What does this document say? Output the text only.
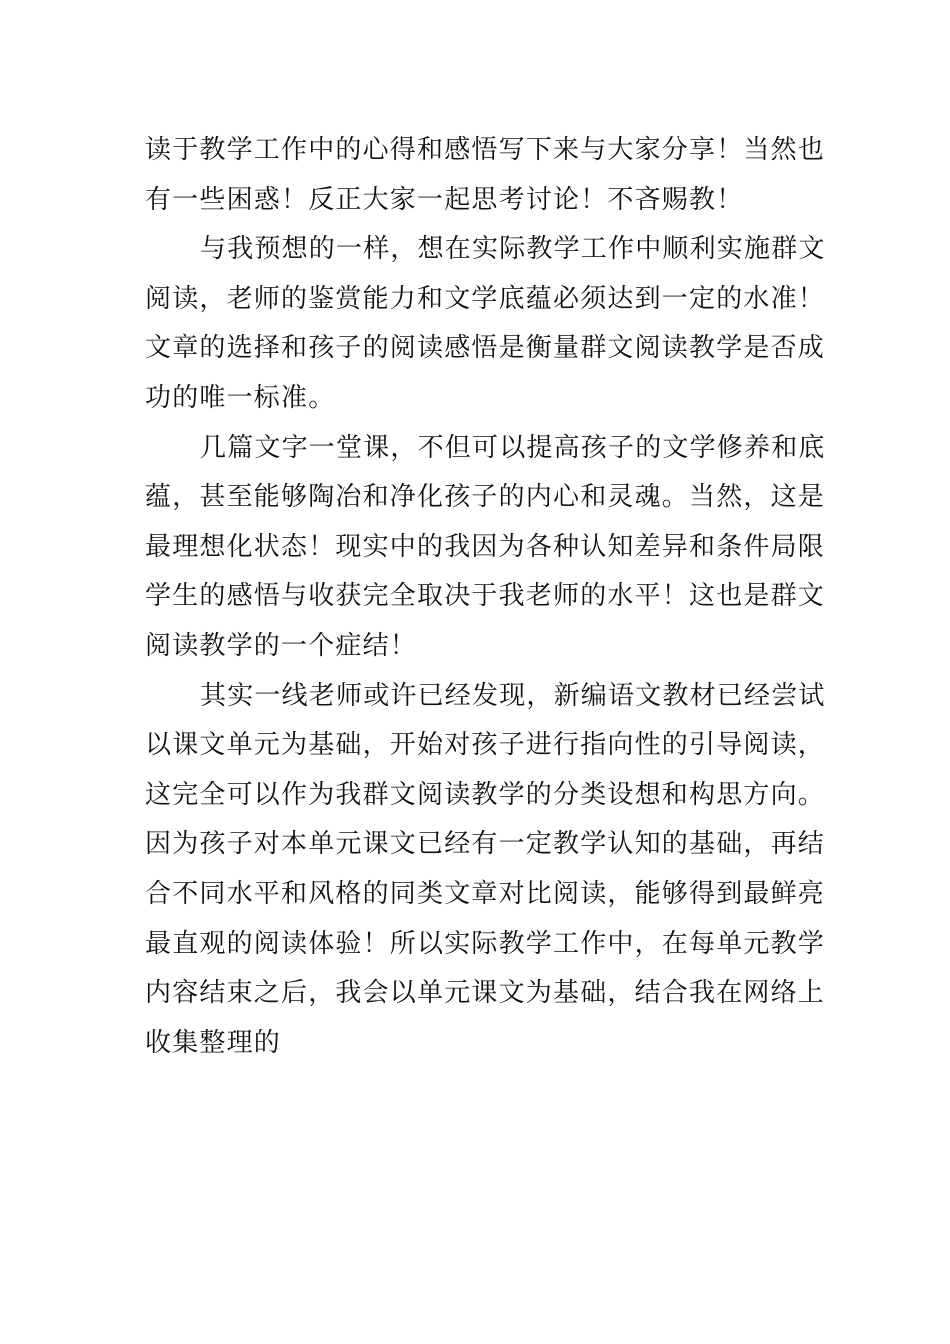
读于教学工作中的心得和感悟写下来与大家分享！当然也
有一些困惑！反正大家一起思考讨论！不吝赐教！
与我预想的一样，想在实际教学工作中顺利实施群文
阅读，老师的鉴赏能力和文学底蕴必须达到一定的水准！
文章的选择和孩子的阅读感悟是衡量群文阅读教学是否成
功的唯一标准。
几篇文字一堂课，不但可以提高孩子的文学修养和底
蕴，甚至能够陶冶和净化孩子的内心和灵魂。当然，这是
最理想化状态！现实中的我因为各种认知差异和条件局限
学生的感悟与收获完全取决于我老师的水平！这也是群文
阅读教学的一个症结！
其实一线老师或许已经发现，新编语文教材已经尝试
以课文单元为基础，开始对孩子进行指向性的引导阅读，
这完全可以作为我群文阅读教学的分类设想和构思方向。
因为孩子对本单元课文已经有一定教学认知的基础，再结
合不同水平和风格的同类文章对比阅读，能够得到最鲜亮
最直观的阅读体验！所以实际教学工作中，在每单元教学
内容结束之后，我会以单元课文为基础，结合我在网络上
收集整理的
